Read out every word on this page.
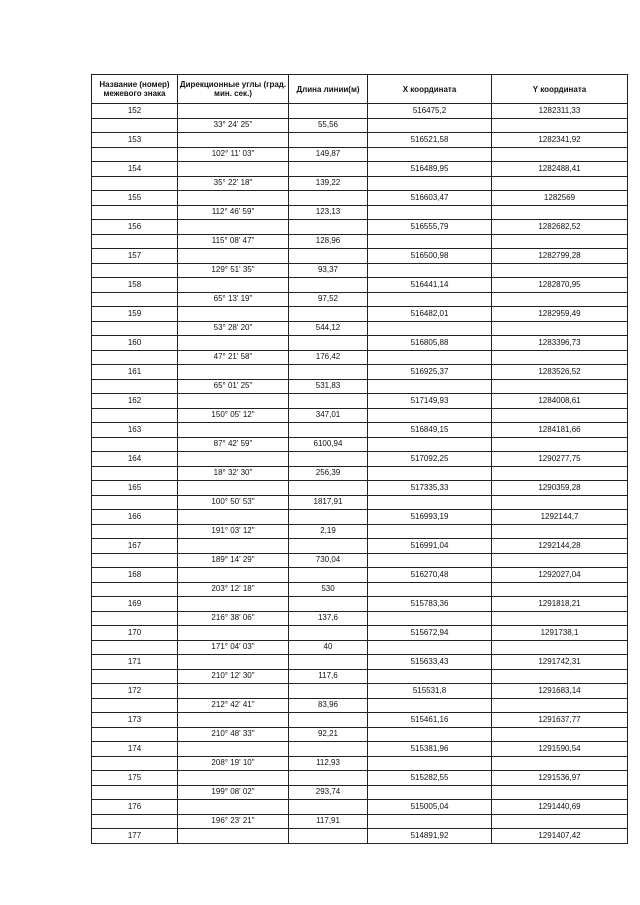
Название (номер) межевого знака	Дирекционные углы (град. мин. сек.)	Длина линии(м)	X координата	Y координата
152			516475,2	1282311,33
	33° 24' 25"	55,56		
153			516521,58	1282341,92
	102° 11' 03"	149,87		
154			516489,95	1282488,41
	35° 22' 18"	139,22		
155			516603,47	1282569
	112° 46' 59"	123,13		
156			516555,79	1282682,52
	115° 08' 47"	128,96		
157			516500,98	1282799,28
	129° 51' 35"	93,37		
158			516441,14	1282870,95
	65° 13' 19"	97,52		
159			516482,01	1282959,49
	53° 28' 20"	544,12		
160			516805,88	1283396,73
	47° 21' 58"	176,42		
161			516925,37	1283526,52
	65° 01' 25"	531,83		
162			517149,93	1284008,61
	150° 05' 12"	347,01		
163			516849,15	1284181,66
	87° 42' 59"	6100,94		
164			517092,25	1290277,75
	18° 32' 30"	256,39		
165			517335,33	1290359,28
	100° 50' 53"	1817,91		
166			516993,19	1292144,7
	191° 03' 12"	2,19		
167			516991,04	1292144,28
	189° 14' 29"	730,04		
168			516270,48	1292027,04
	203° 12' 18"	530		
169			515783,36	1291818,21
	216° 38' 06"	137,6		
170			515672,94	1291738,1
	171° 04' 03"	40		
171			515633,43	1291742,31
	210° 12' 30"	117,6		
172			515531,8	1291683,14
	212° 42' 41"	83,96		
173			515461,16	1291637,77
	210° 48' 33"	92,21		
174			515381,96	1291590,54
	208° 19' 10"	112,93		
175			515282,55	1291536,97
	199° 08' 02"	293,74		
176			515005,04	1291440,69
	196° 23' 21"	117,91		
177			514891,92	1291407,42
